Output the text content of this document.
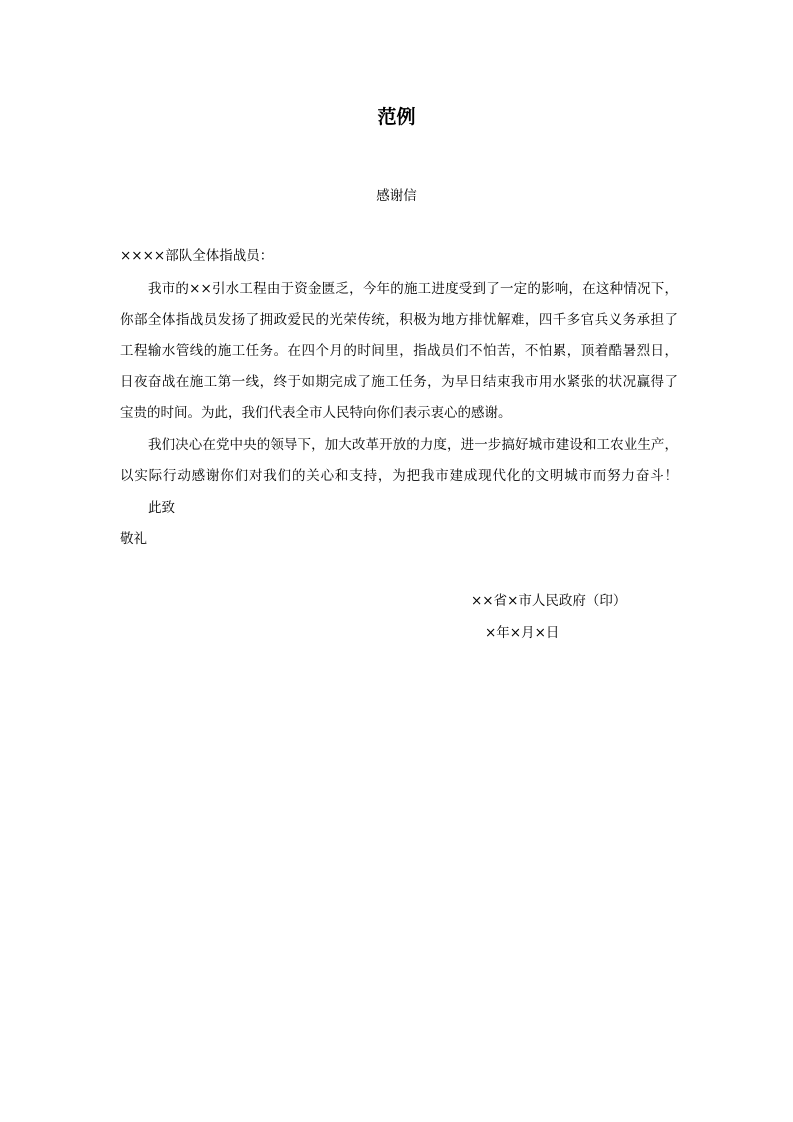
范例
感谢信
××××部队全体指战员：
我市的××引水工程由于资金匮乏，今年的施工进度受到了一定的影响，在这种情况下，
你部全体指战员发扬了拥政爱民的光荣传统，积极为地方排忧解难，四千多官兵义务承担了
工程输水管线的施工任务。在四个月的时间里，指战员们不怕苦，不怕累，顶着酷暑烈日，
日夜奋战在施工第一线，终于如期完成了施工任务，为早日结束我市用水紧张的状况赢得了
宝贵的时间。为此，我们代表全市人民特向你们表示衷心的感谢。
我们决心在党中央的领导下，加大改革开放的力度，进一步搞好城市建设和工农业生产，
以实际行动感谢你们对我们的关心和支持，为把我市建成现代化的文明城市而努力奋斗！
此致
敬礼
××省×市人民政府（印）
×年×月×日
